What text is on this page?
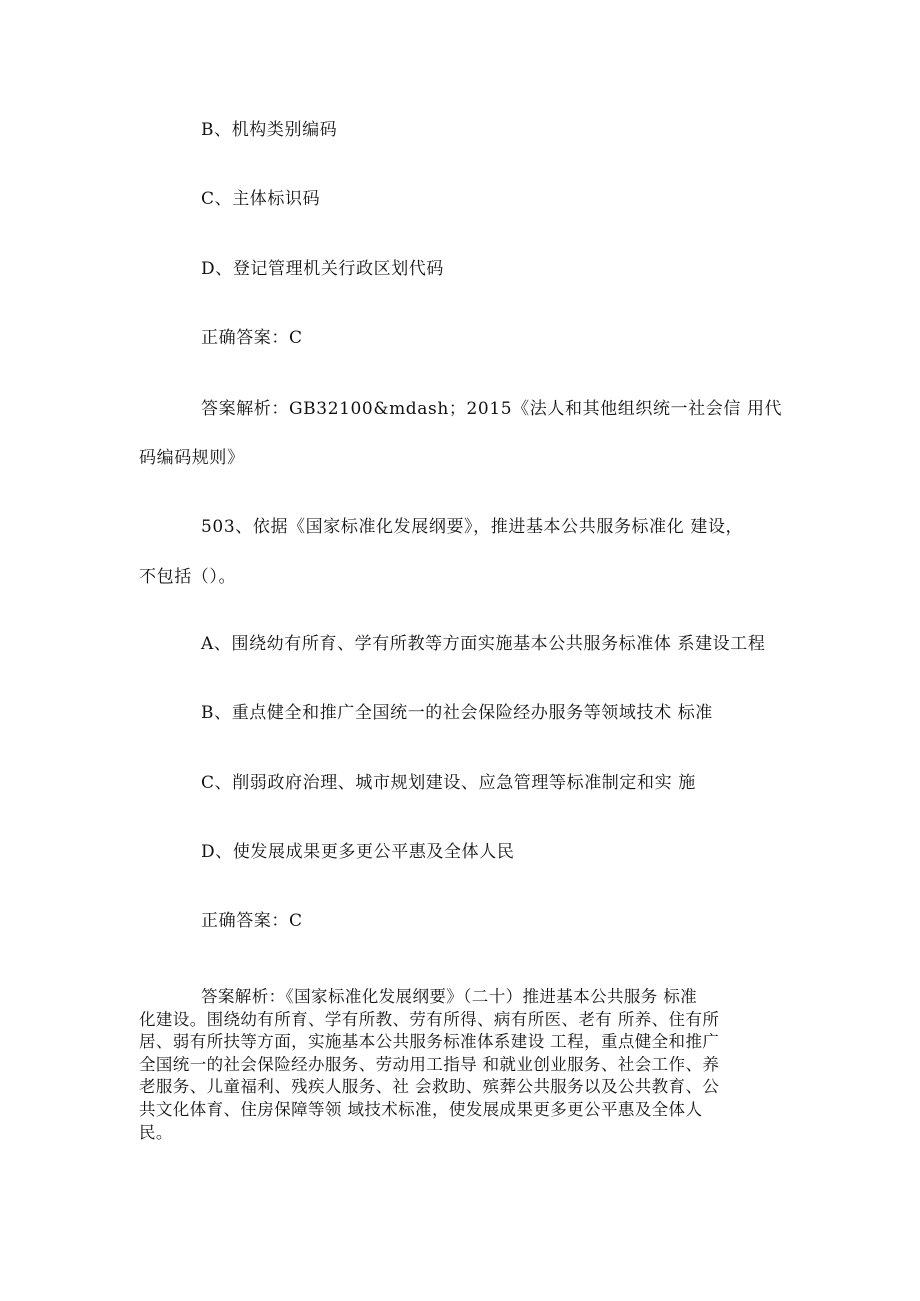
B、机构类别编码
C、主体标识码
D、登记管理机关行政区划代码
正确答案：C
答案解析：GB32100&mdash；2015《法人和其他组织统一社会信 用代
码编码规则》
503、依据《国家标准化发展纲要》，推进基本公共服务标准化 建设，
不包括（）。
A、围绕幼有所育、学有所教等方面实施基本公共服务标准体 系建设工程
B、重点健全和推广全国统一的社会保险经办服务等领域技术 标准
C、削弱政府治理、城市规划建设、应急管理等标准制定和实 施
D、使发展成果更多更公平惠及全体人民
正确答案：C
答案解析：《国家标准化发展纲要》（二十）推进基本公共服务 标准
化建设。围绕幼有所育、学有所教、劳有所得、病有所医、老有 所养、住有所
居、弱有所扶等方面，实施基本公共服务标准体系建设 工程，重点健全和推广
全国统一的社会保险经办服务、劳动用工指导 和就业创业服务、社会工作、养
老服务、儿童福利、残疾人服务、社 会救助、殡葬公共服务以及公共教育、公
共文化体育、住房保障等领 域技术标准，使发展成果更多更公平惠及全体人
民。
